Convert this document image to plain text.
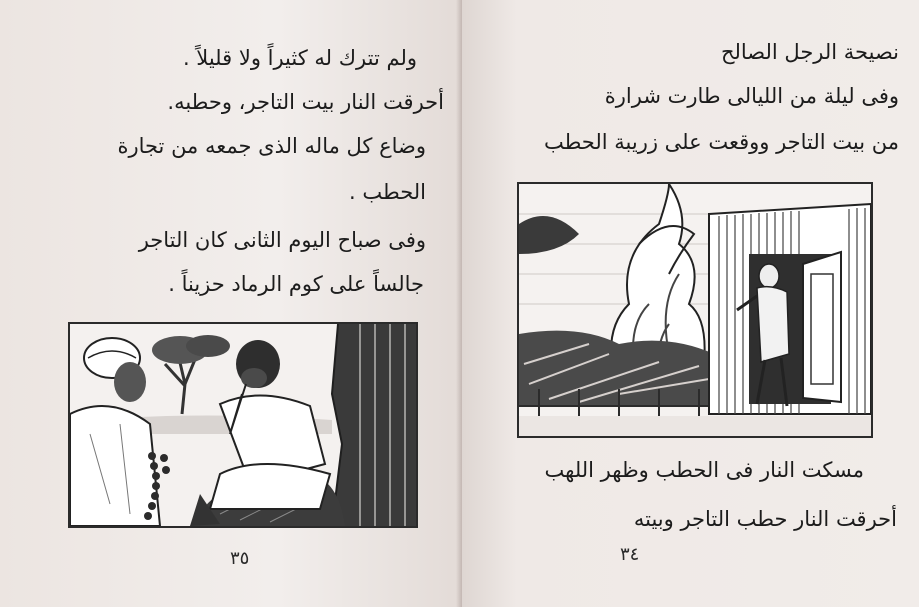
ولم تترك له كثيراً ولا قليلاً .
أحرقت النار بيت التاجر، وحطبه.
وضاع كل ماله الذى جمعه من تجارة
الحطب .
وفى صباح اليوم الثانى كان التاجر
جالساً على كوم الرماد حزيناً .
٣٥
نصيحة الرجل الصالح
وفى ليلة من الليالى طارت شرارة
من بيت التاجر ووقعت على زريبة الحطب
مسكت النار فى الحطب وظهر اللهب
أحرقت النار حطب التاجر وبيته
٣٤
